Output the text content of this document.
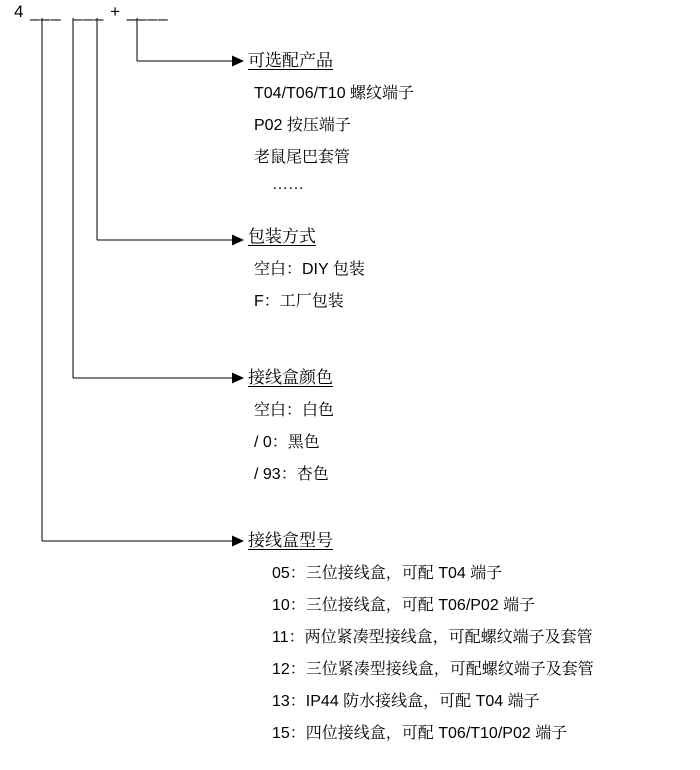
4 ___  ___ + ____
可选配产品
T04/T06/T10 螺纹端子
P02 按压端子
老鼠尾巴套管
……
包装方式
空白：DIY 包装
F：工厂包装
接线盒颜色
空白：白色
/ 0：黑色
/ 93：杏色
接线盒型号
05：三位接线盒，可配 T04 端子
10：三位接线盒，可配 T06/P02 端子
11：两位紧凑型接线盒，可配螺纹端子及套管
12：三位紧凑型接线盒，可配螺纹端子及套管
13：IP44 防水接线盒，可配 T04 端子
15：四位接线盒，可配 T06/T10/P02 端子
